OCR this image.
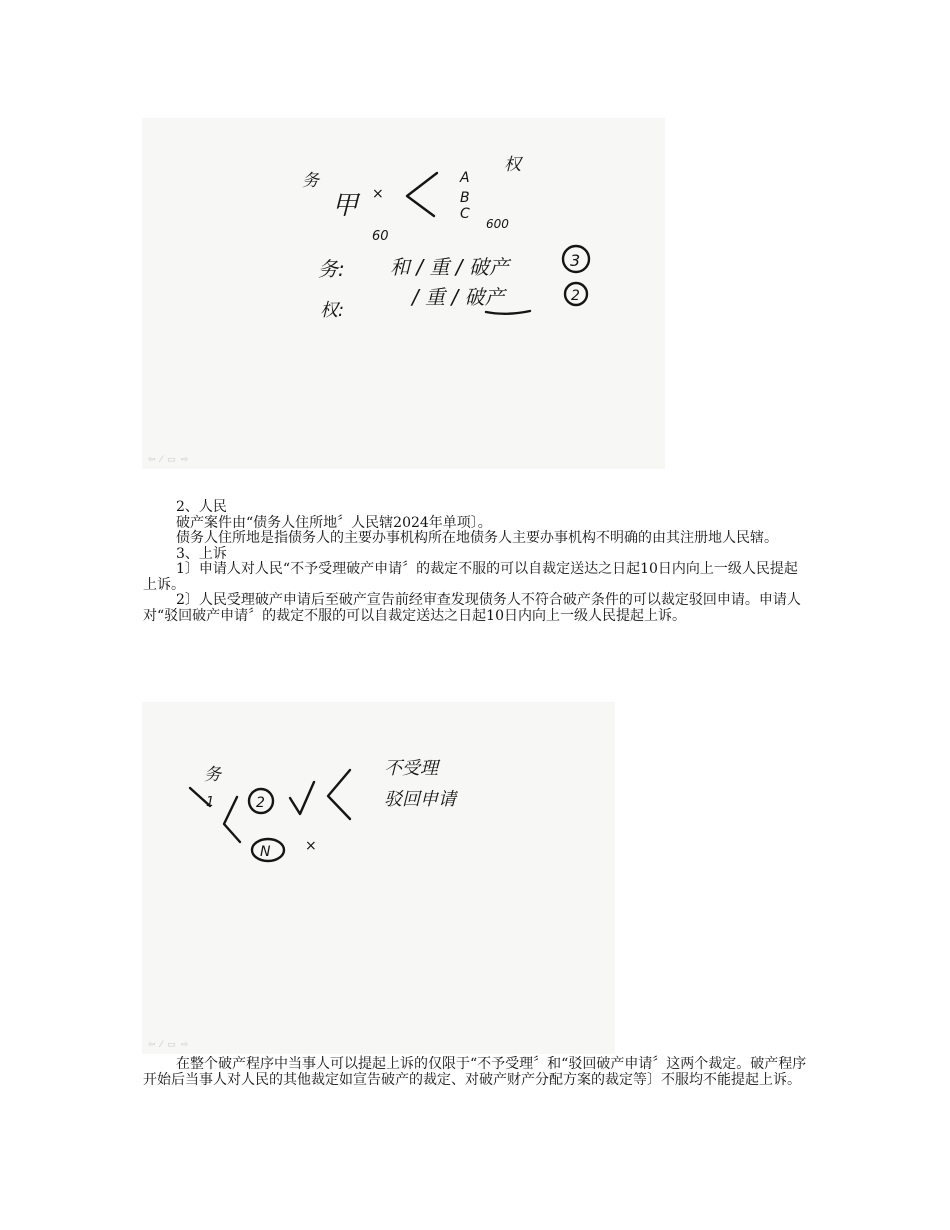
务
权
甲 ×
60
A
B
C
600
务: 和 / 重 / 破产	3
权:
/ 重 / 破产	2
⇦ ⁄ ▭ ⇨

2、人民

破产案件由“债务人住所地〞人民辖2024年单项〕。

债务人住所地是指债务人的主要办事机构所在地债务人主要办事机构不明确的由其注册地人民辖。

3、上诉

1〕申请人对人民“不予受理破产申请〞的裁定不服的可以自裁定送达之日起10日内向上一级人民提起上诉。

2〕人民受理破产申请后至破产宣告前经审查发现债务人不符合破产条件的可以裁定驳回申请。申请人对“驳回破产申请〞的裁定不服的可以自裁定送达之日起10日内向上一级人民提起上诉。

务
1	2
N ×
不受理
驳回申请
⇦ ⁄ ▭ ⇨

在整个破产程序中当事人可以提起上诉的仅限于“不予受理〞和“驳回破产申请〞这两个裁定。破产程序开始后当事人对人民的其他裁定如宣告破产的裁定、对破产财产分配方案的裁定等〕不服均不能提起上诉。
